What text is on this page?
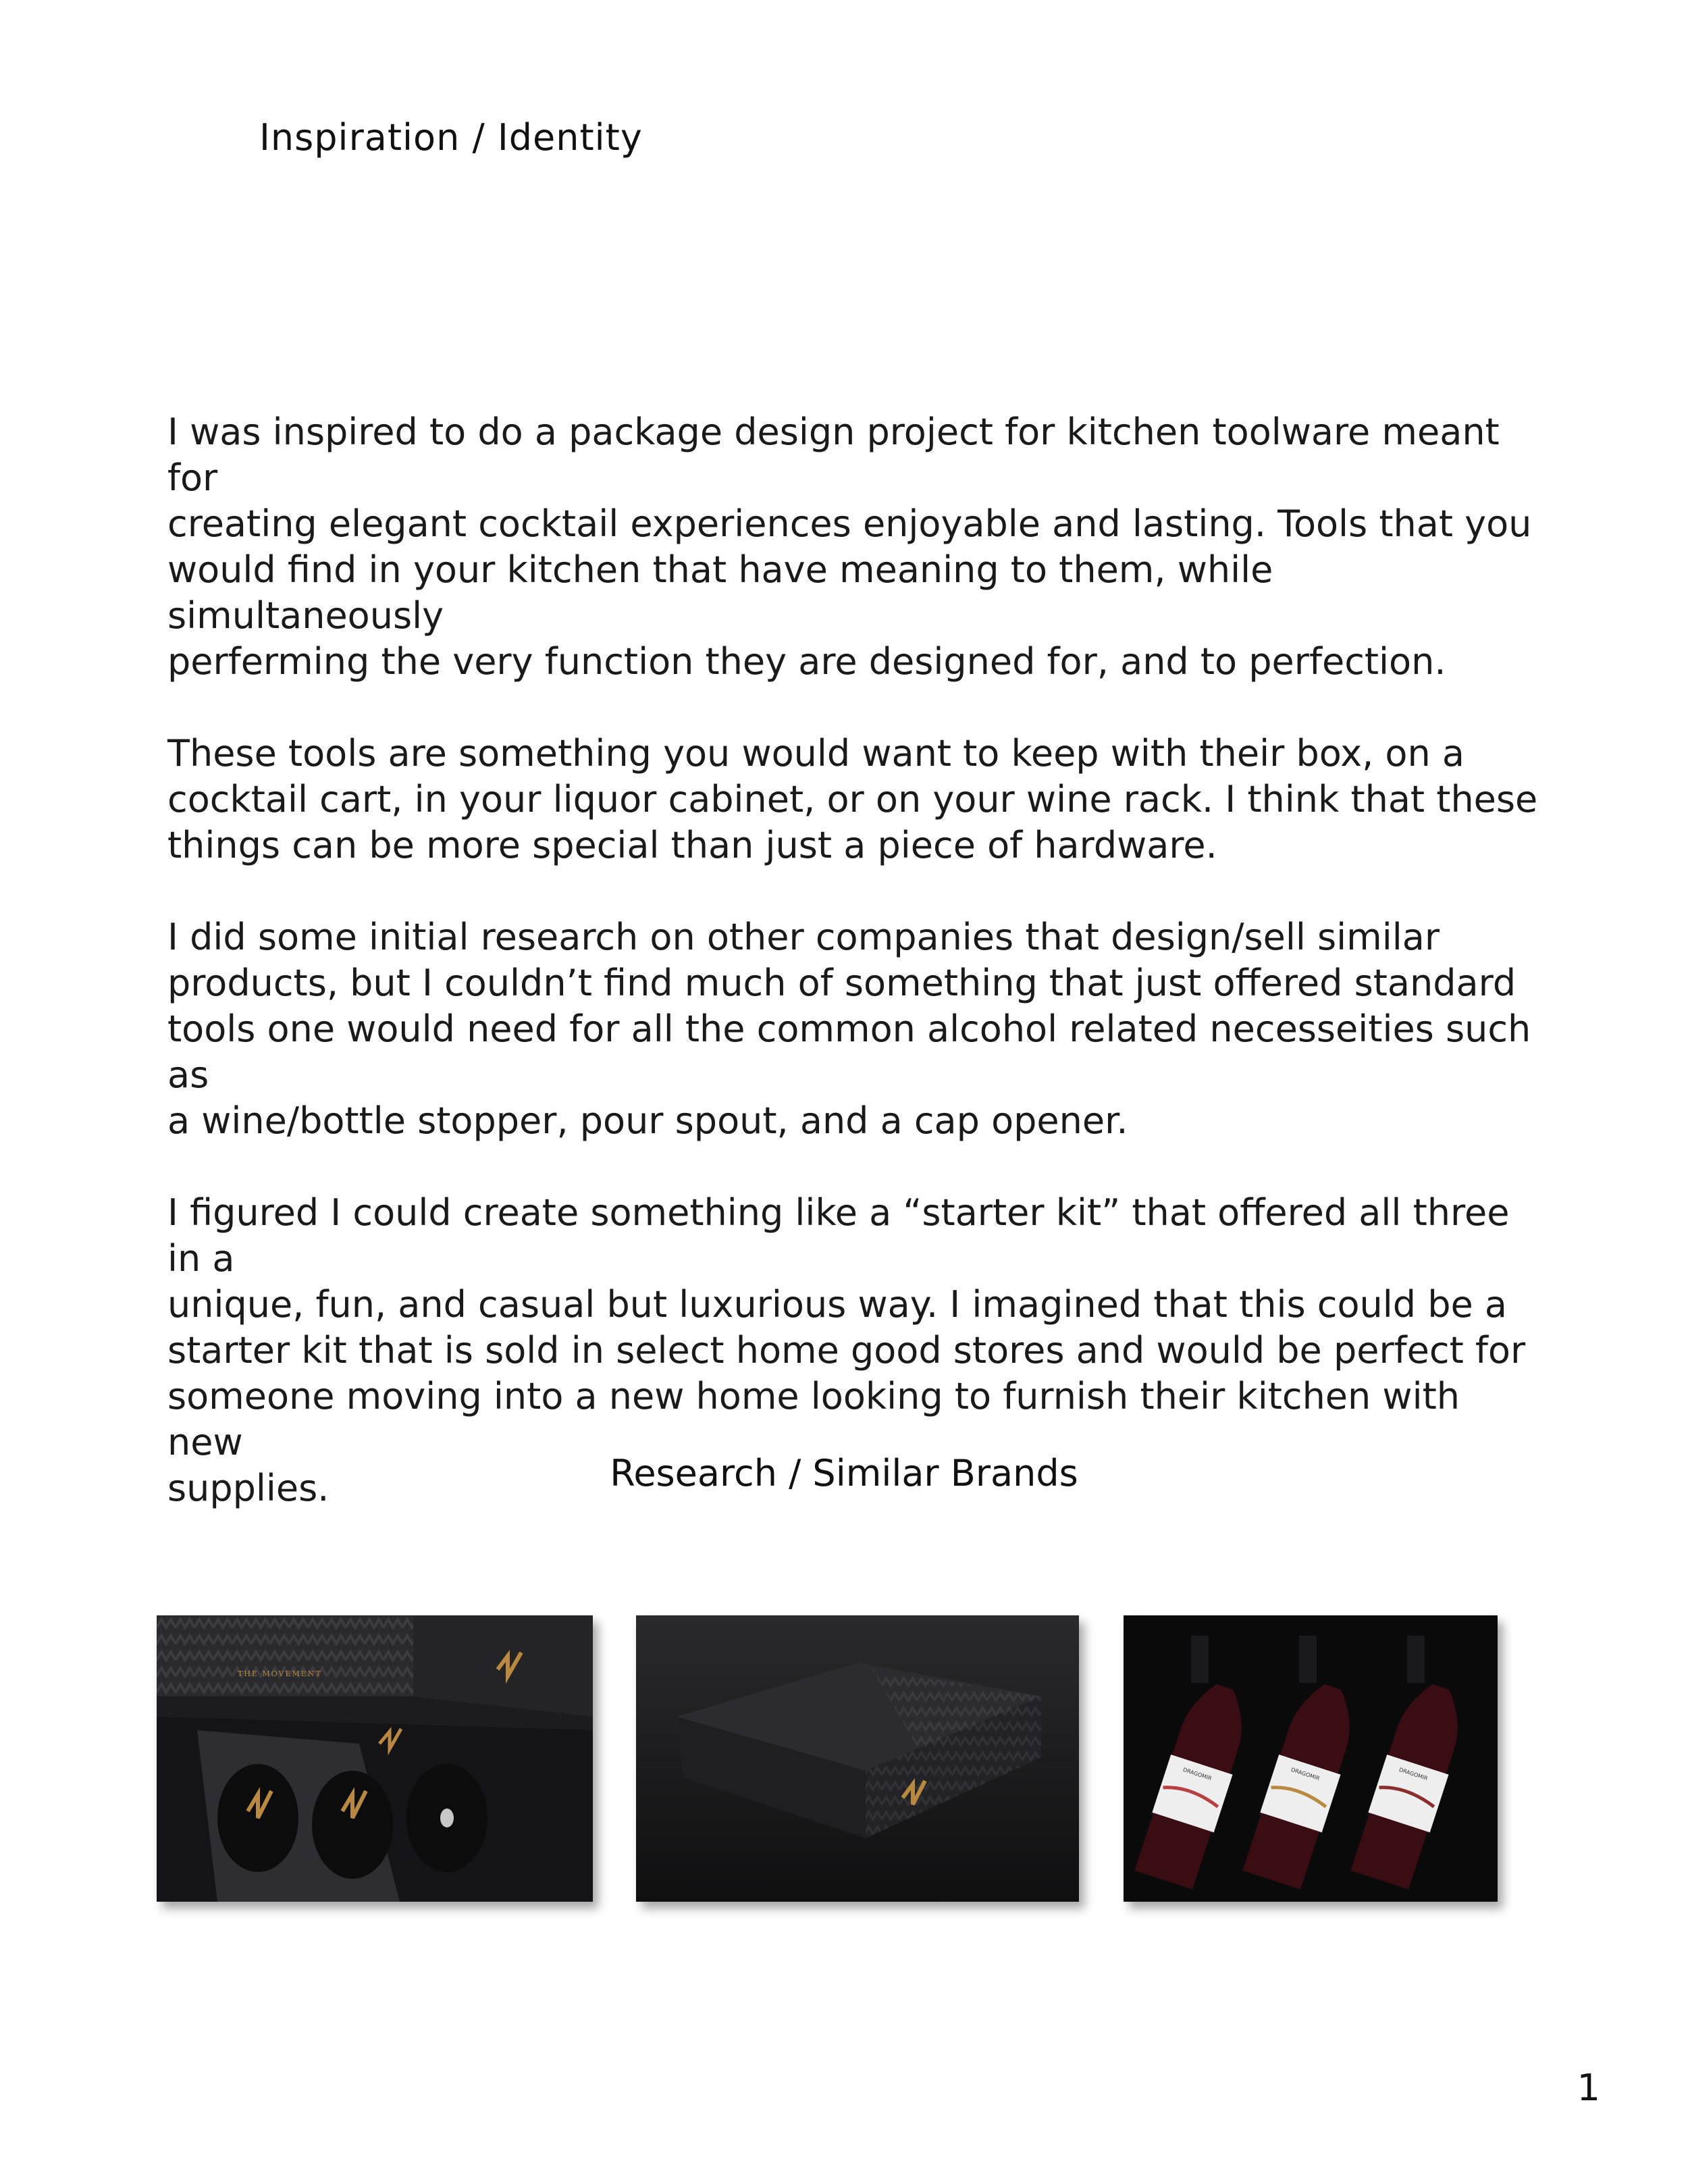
Inspiration / Identity

I was inspired to do a package design project for kitchen toolware meant for
creating elegant cocktail experiences enjoyable and lasting. Tools that you
would find in your kitchen that have meaning to them, while simultaneously
perferming the very function they are designed for, and to perfection.

These tools are something you would want to keep with their box, on a
cocktail cart, in your liquor cabinet, or on your wine rack. I think that these
things can be more special than just a piece of hardware.

I did some initial research on other companies that design/sell similar
products, but I couldn’t find much of something that just offered standard
tools one would need for all the common alcohol related necesseities such as
a wine/bottle stopper, pour spout, and a cap opener.

I figured I could create something like a “starter kit” that offered all three in a
unique, fun, and casual but luxurious way. I imagined that this could be a
starter kit that is sold in select home good stores and would be perfect for
someone moving into a new home looking to furnish their kitchen with new
supplies.	Research / Similar Brands
THE MOVEMENT
DRAGOMIR	DRAGOMIR	DRAGOMIR
1
